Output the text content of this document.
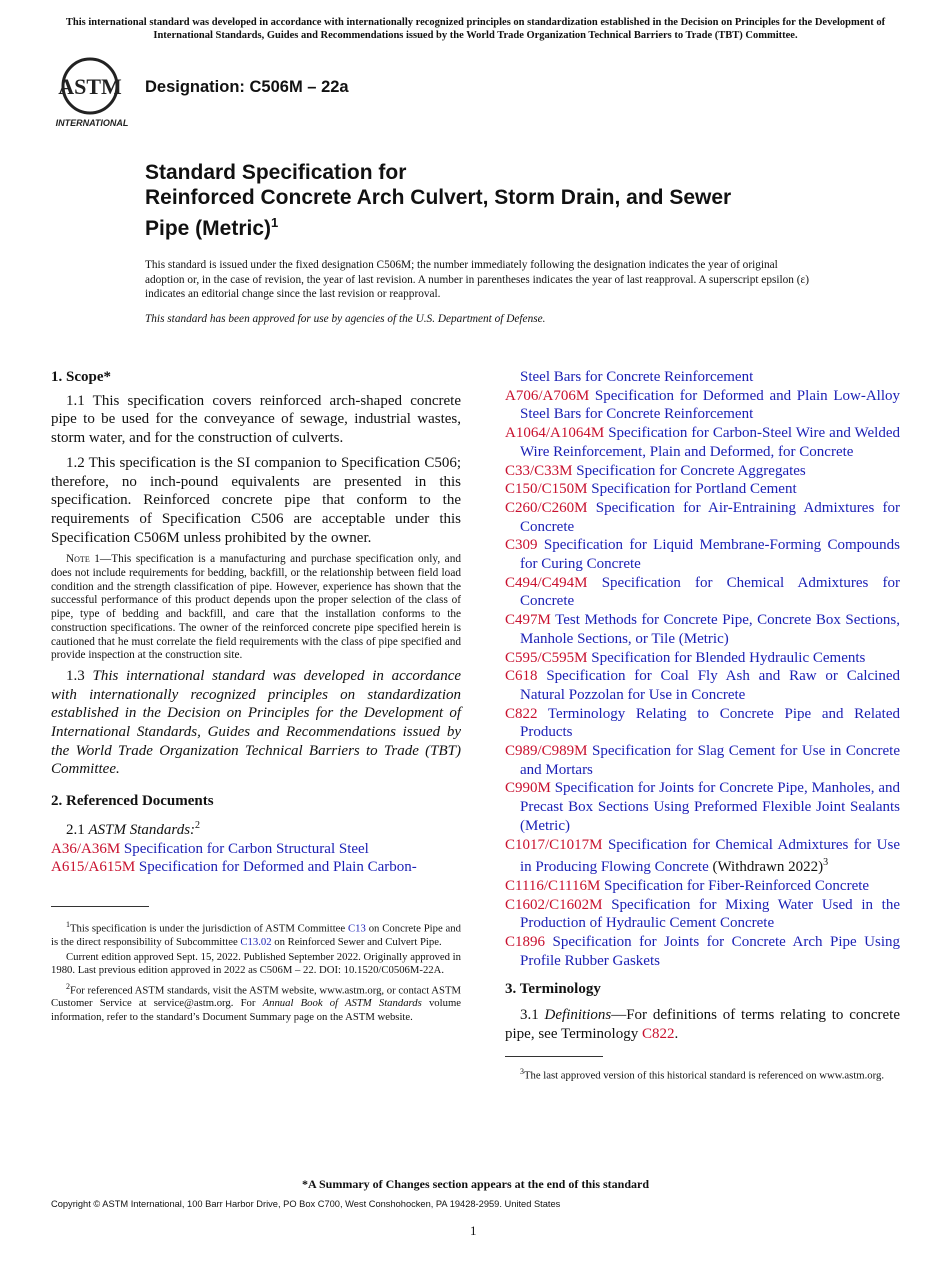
This international standard was developed in accordance with internationally recognized principles on standardization established in the Decision on Principles for the Development of International Standards, Guides and Recommendations issued by the World Trade Organization Technical Barriers to Trade (TBT) Committee.
ASTM
INTERNATIONAL
Designation: C506M – 22a
Standard Specification for
Reinforced Concrete Arch Culvert, Storm Drain, and Sewer
Pipe (Metric)$^1$
This standard is issued under the fixed designation C506M; the number immediately following the designation indicates the year of original adoption or, in the case of revision, the year of last revision. A number in parentheses indicates the year of last reapproval. A superscript epsilon (ε) indicates an editorial change since the last revision or reapproval.
This standard has been approved for use by agencies of the U.S. Department of Defense.
1. Scope*

1.1 This specification covers reinforced arch-shaped concrete pipe to be used for the conveyance of sewage, industrial wastes, storm water, and for the construction of culverts.

1.2 This specification is the SI companion to Specification C506; therefore, no inch-pound equivalents are presented in this specification. Reinforced concrete pipe that conform to the requirements of Specification C506 are acceptable under this Specification C506M unless prohibited by the owner.

Note 1—This specification is a manufacturing and purchase specification only, and does not include requirements for bedding, backfill, or the relationship between field load condition and the strength classification of pipe. However, experience has shown that the successful performance of this product depends upon the proper selection of the class of pipe, type of bedding and backfill, and care that the installation conforms to the construction specifications. The owner of the reinforced concrete pipe specified herein is cautioned that he must correlate the field requirements with the class of pipe specified and provide inspection at the construction site.

1.3 This international standard was developed in accordance with internationally recognized principles on standardization established in the Decision on Principles for the Development of International Standards, Guides and Recommendations issued by the World Trade Organization Technical Barriers to Trade (TBT) Committee.

2. Referenced Documents

2.1 ASTM Standards:$^2$

A36/A36M Specification for Carbon Structural Steel
A615/A615M Specification for Deformed and Plain Carbon-

$^1$This specification is under the jurisdiction of ASTM Committee C13 on Concrete Pipe and is the direct responsibility of Subcommittee C13.02 on Reinforced Sewer and Culvert Pipe.

Current edition approved Sept. 15, 2022. Published September 2022. Originally approved in 1980. Last previous edition approved in 2022 as C506M – 22. DOI: 10.1520/C0506M-22A.

$^2$For referenced ASTM standards, visit the ASTM website, www.astm.org, or contact ASTM Customer Service at service@astm.org. For Annual Book of ASTM Standards volume information, refer to the standard’s Document Summary page on the ASTM website.

Steel Bars for Concrete Reinforcement
A706/A706M Specification for Deformed and Plain Low-Alloy Steel Bars for Concrete Reinforcement
A1064/A1064M Specification for Carbon-Steel Wire and Welded Wire Reinforcement, Plain and Deformed, for Concrete
C33/C33M Specification for Concrete Aggregates
C150/C150M Specification for Portland Cement
C260/C260M Specification for Air-Entraining Admixtures for Concrete
C309 Specification for Liquid Membrane-Forming Compounds for Curing Concrete
C494/C494M Specification for Chemical Admixtures for Concrete
C497M Test Methods for Concrete Pipe, Concrete Box Sections, Manhole Sections, or Tile (Metric)
C595/C595M Specification for Blended Hydraulic Cements
C618 Specification for Coal Fly Ash and Raw or Calcined Natural Pozzolan for Use in Concrete
C822 Terminology Relating to Concrete Pipe and Related Products
C989/C989M Specification for Slag Cement for Use in Concrete and Mortars
C990M Specification for Joints for Concrete Pipe, Manholes, and Precast Box Sections Using Preformed Flexible Joint Sealants (Metric)
C1017/C1017M Specification for Chemical Admixtures for Use in Producing Flowing Concrete (Withdrawn 2022)$^3$
C1116/C1116M Specification for Fiber-Reinforced Concrete
C1602/C1602M Specification for Mixing Water Used in the Production of Hydraulic Cement Concrete
C1896 Specification for Joints for Concrete Arch Pipe Using Profile Rubber Gaskets
3. Terminology

3.1 Definitions—For definitions of terms relating to concrete pipe, see Terminology C822.

$^3$The last approved version of this historical standard is referenced on www.astm.org.

*A Summary of Changes section appears at the end of this standard
Copyright © ASTM International, 100 Barr Harbor Drive, PO Box C700, West Conshohocken, PA 19428-2959. United States
1
